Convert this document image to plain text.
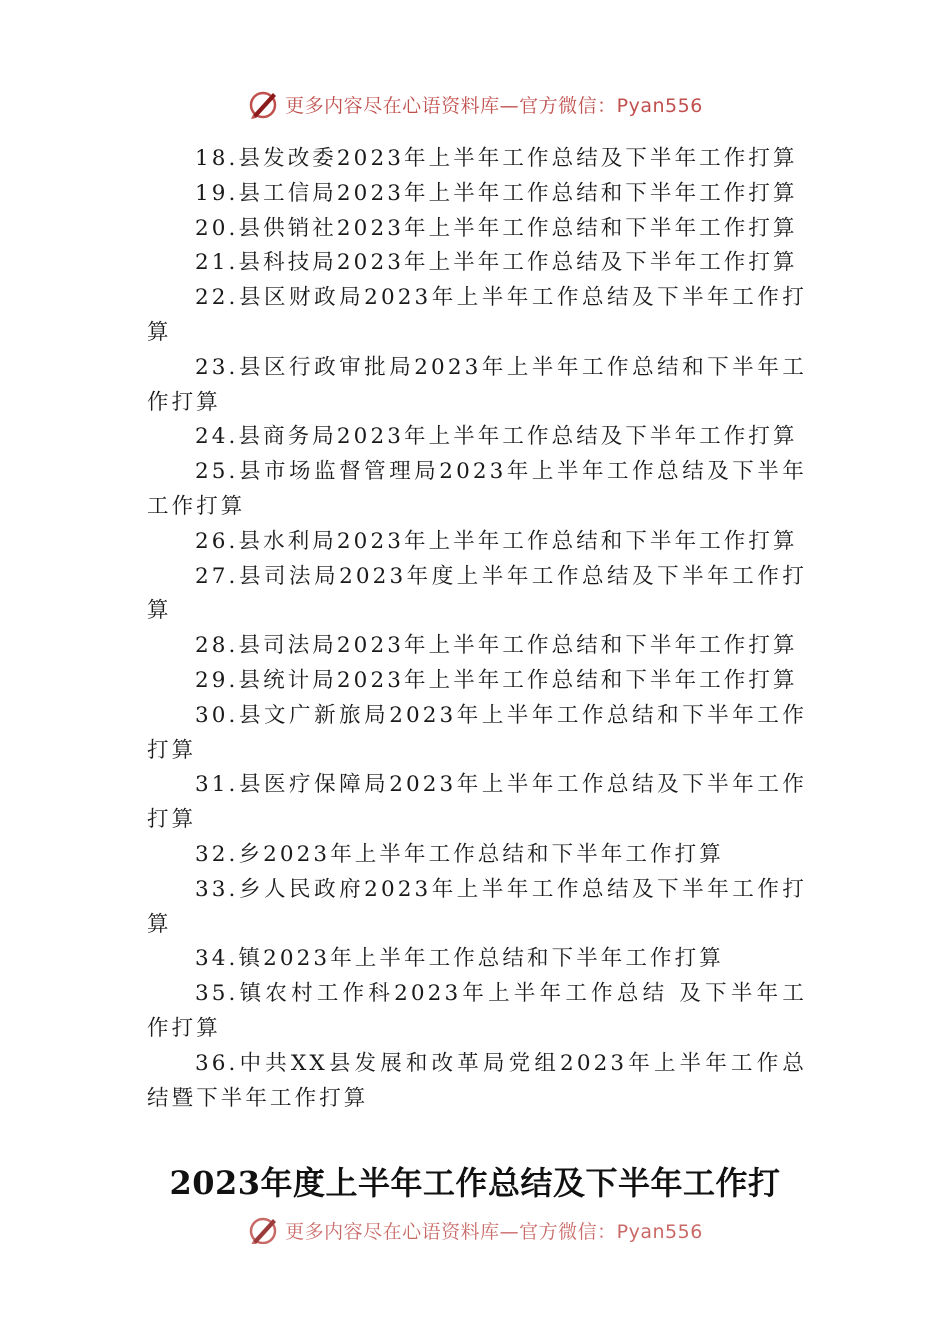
更多内容尽在心语资料库—官方微信：Pyan556

18.县发改委2023年上半年工作总结及下半年工作打算

19.县工信局2023年上半年工作总结和下半年工作打算

20.县供销社2023年上半年工作总结和下半年工作打算

21.县科技局2023年上半年工作总结及下半年工作打算

22.县区财政局2023年上半年工作总结及下半年工作打算

23.县区行政审批局2023年上半年工作总结和下半年工作打算

24.县商务局2023年上半年工作总结及下半年工作打算

25.县市场监督管理局2023年上半年工作总结及下半年工作打算

26.县水利局2023年上半年工作总结和下半年工作打算

27.县司法局2023年度上半年工作总结及下半年工作打算

28.县司法局2023年上半年工作总结和下半年工作打算

29.县统计局2023年上半年工作总结和下半年工作打算

30.县文广新旅局2023年上半年工作总结和下半年工作打算

31.县医疗保障局2023年上半年工作总结及下半年工作打算

32.乡2023年上半年工作总结和下半年工作打算

33.乡人民政府2023年上半年工作总结及下半年工作打算

34.镇2023年上半年工作总结和下半年工作打算

35.镇农村工作科2023年上半年工作总结 及下半年工作打算

36.中共XX县发展和改革局党组2023年上半年工作总结暨下半年工作打算

2023年度上半年工作总结及下半年工作打
更多内容尽在心语资料库—官方微信：Pyan556
